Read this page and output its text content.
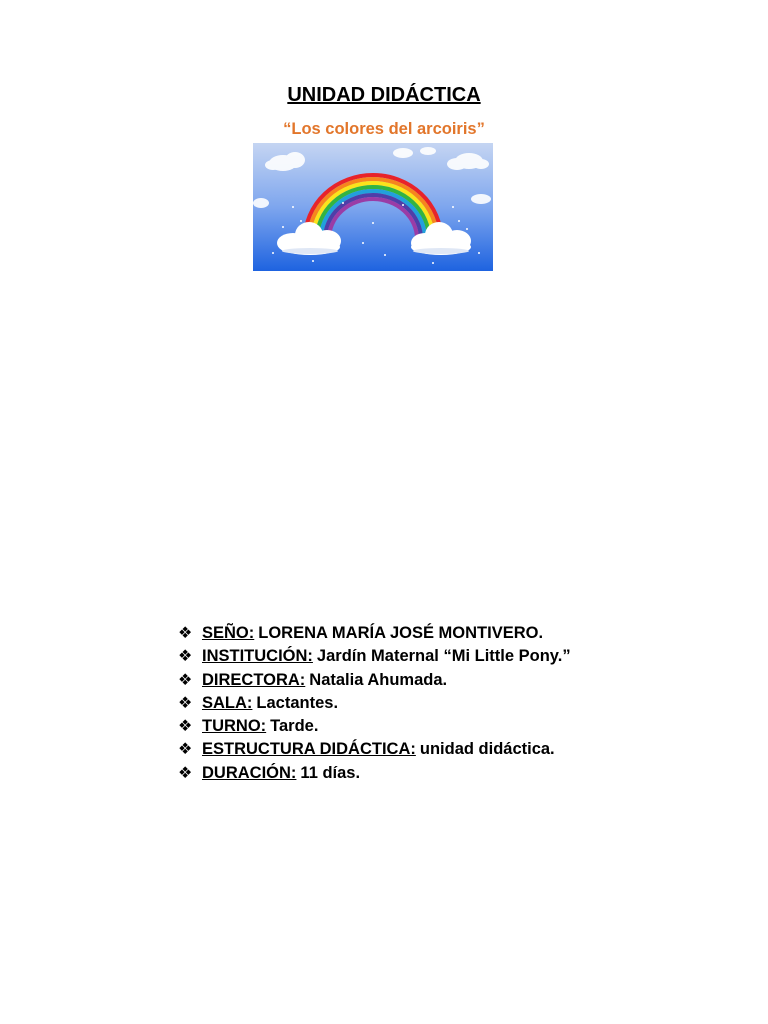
UNIDAD DIDÁCTICA
“Los colores del arcoiris”
❖ SEÑO: LORENA MARÍA JOSÉ MONTIVERO.
❖ INSTITUCIÓN: Jardín Maternal “Mi Little Pony.”
❖ DIRECTORA: Natalia Ahumada.
❖ SALA: Lactantes.
❖ TURNO: Tarde.
❖ ESTRUCTURA DIDÁCTICA: unidad didáctica.
❖ DURACIÓN: 11 días.
